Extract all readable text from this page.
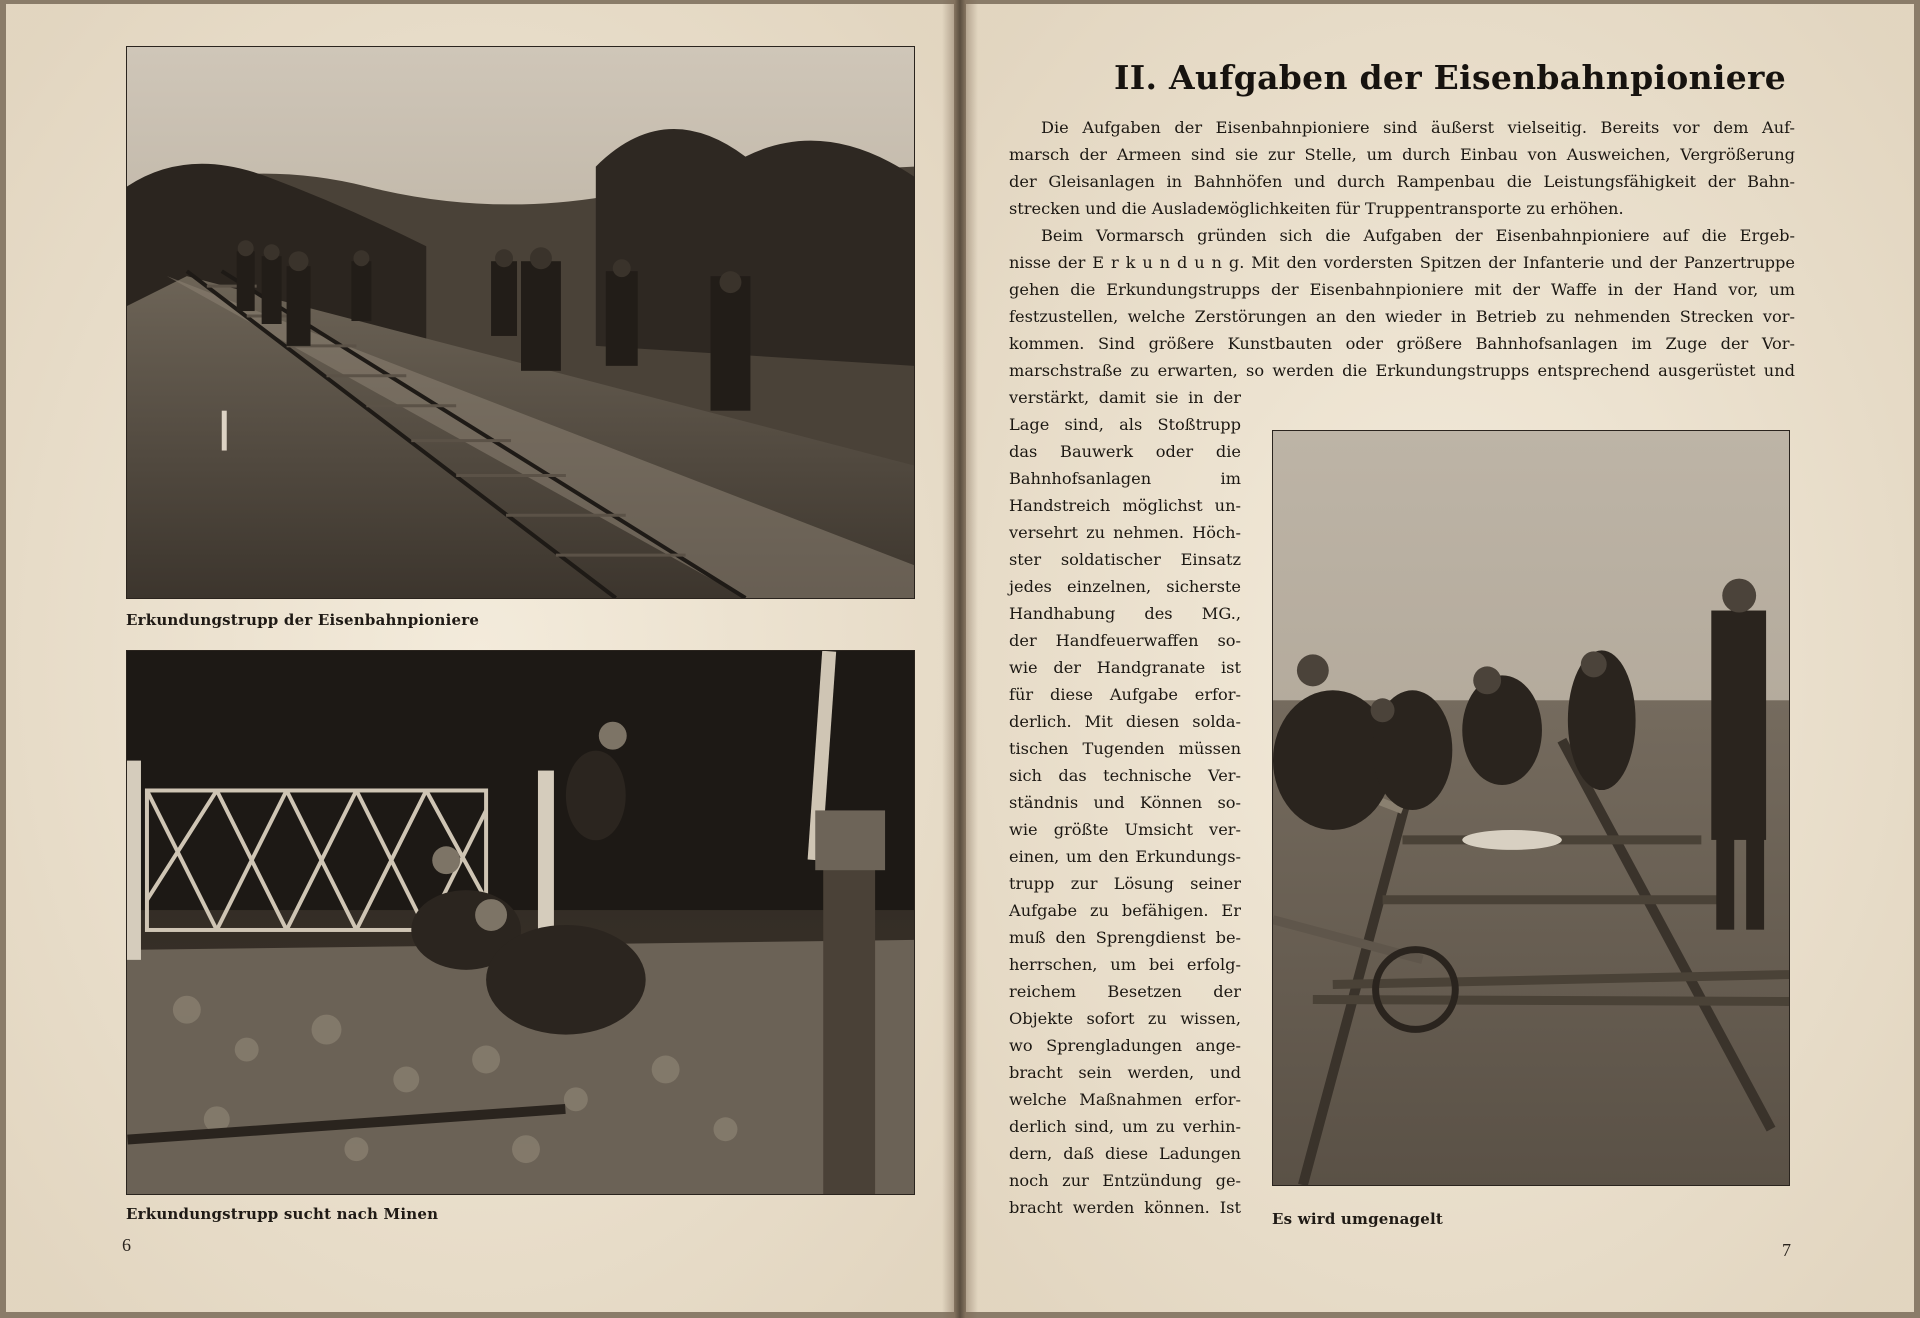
Erkundungstrupp der Eisenbahnpioniere
Erkundungstrupp sucht nach Minen
6
II. Aufgaben der Eisenbahnpioniere
Die Aufgaben der Eisenbahnpioniere sind äußerst vielseitig. Bereits vor dem Auf-
marsch der Armeen sind sie zur Stelle, um durch Einbau von Ausweichen, Vergrößerung
der Gleisanlagen in Bahnhöfen und durch Rampenbau die Leistungsfähigkeit der Bahn-
strecken und die Ausladeмöglichkeiten für Truppentransporte zu erhöhen.
Beim Vormarsch gründen sich die Aufgaben der Eisenbahnpioniere auf die Ergeb-
nisse der E r k u n d u n g. Mit den vordersten Spitzen der Infanterie und der Panzertruppe
gehen die Erkundungstrupps der Eisenbahnpioniere mit der Waffe in der Hand vor, um
festzustellen, welche Zerstörungen an den wieder in Betrieb zu nehmenden Strecken vor-
kommen. Sind größere Kunstbauten oder größere Bahnhofsanlagen im Zuge der Vor-
marschstraße zu erwarten, so werden die Erkundungstrupps entsprechend ausgerüstet und
verstärkt, damit sie in der
Lage sind, als Stoßtrupp
das Bauwerk oder die
Bahnhofsanlagen im
Handstreich möglichst un-
versehrt zu nehmen. Höch-
ster soldatischer Einsatz
jedes einzelnen, sicherste
Handhabung des MG.,
der Handfeuerwaffen so-
wie der Handgranate ist
für diese Aufgabe erfor-
derlich. Mit diesen solda-
tischen Tugenden müssen
sich das technische Ver-
ständnis und Können so-
wie größte Umsicht ver-
einen, um den Erkundungs-
trupp zur Lösung seiner
Aufgabe zu befähigen. Er
muß den Sprengdienst be-
herrschen, um bei erfolg-
reichem Besetzen der
Objekte sofort zu wissen,
wo Sprengladungen ange-
bracht sein werden, und
welche Maßnahmen erfor-
derlich sind, um zu verhin-
dern, daß diese Ladungen
noch zur Entzündung ge-
bracht werden können. Ist
Es wird umgenagelt
7
